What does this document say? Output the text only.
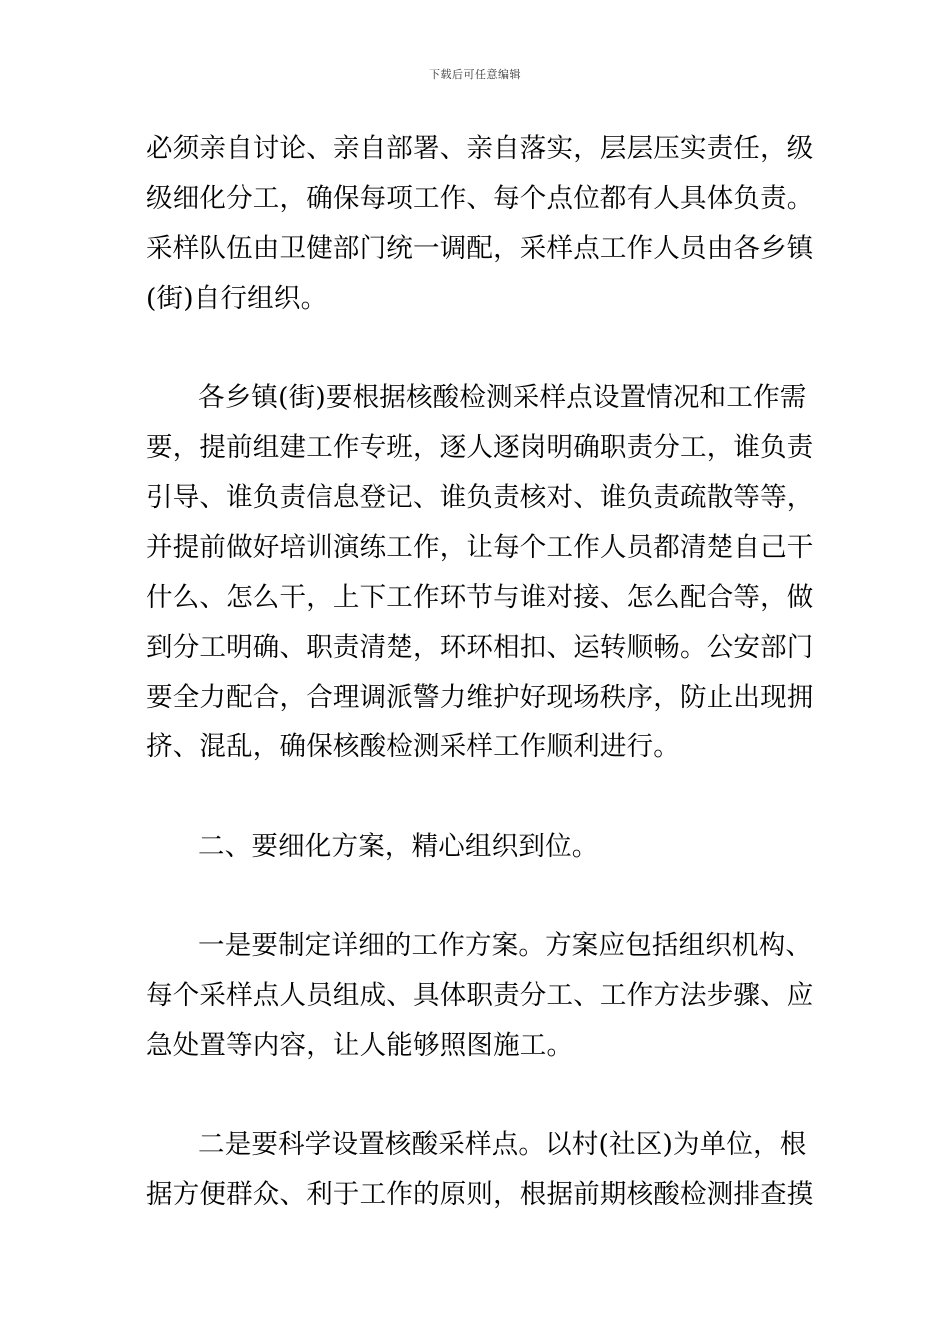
下载后可任意编辑
必须亲自讨论、亲自部署、亲自落实，层层压实责任，级
级细化分工，确保每项工作、每个点位都有人具体负责。
采样队伍由卫健部门统一调配，采样点工作人员由各乡镇
(街)自行组织。
各乡镇(街)要根据核酸检测采样点设置情况和工作需
要，提前组建工作专班，逐人逐岗明确职责分工，谁负责
引导、谁负责信息登记、谁负责核对、谁负责疏散等等，
并提前做好培训演练工作，让每个工作人员都清楚自己干
什么、怎么干，上下工作环节与谁对接、怎么配合等，做
到分工明确、职责清楚，环环相扣、运转顺畅。公安部门
要全力配合，合理调派警力维护好现场秩序，防止出现拥
挤、混乱，确保核酸检测采样工作顺利进行。
二、要细化方案，精心组织到位。
一是要制定详细的工作方案。方案应包括组织机构、
每个采样点人员组成、具体职责分工、工作方法步骤、应
急处置等内容，让人能够照图施工。
二是要科学设置核酸采样点。以村(社区)为单位，根
据方便群众、利于工作的原则，根据前期核酸检测排查摸
